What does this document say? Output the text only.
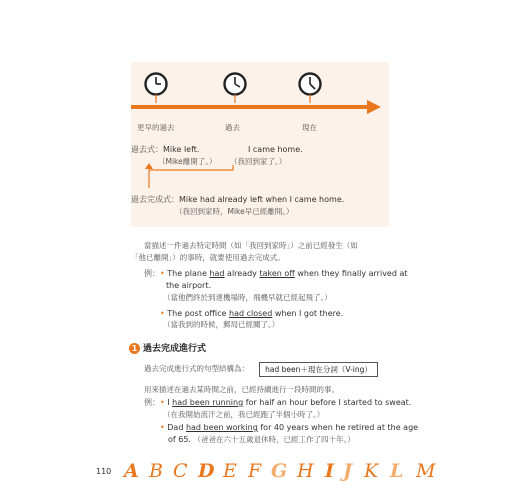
更早的過去	過去	現在
過去式：Mike left.	I came home.
（Mike離開了。） （我回到家了。）
過去完成式：Mike had already left when I came home.
（我回到家時，Mike早已經離開。）
當描述一件過去特定時間（如「我回到家時」）之前已經發生（如
「他已離開」）的事時，就要使用過去完成式。
例：• The plane had already taken off when they finally arrived at
the airport.
（當他們終於到達機場時，飛機早就已經起飛了。）
• The post office had closed when I got there.
（當我到的時候，郵局已經關了。）
1 過去完成進行式
過去完成進行式的句型結構為：	had been＋現在分詞（V-ing）
用來描述在過去某時間之前，已經持續進行一段時間的事。
例：• I had been running for half an hour before I started to sweat.
（在我開始流汗之前，我已經跑了半個小時了。）
• Dad had been working for 40 years when he retired at the age
of 65. （爸爸在六十五歲退休時，已經工作了四十年。）
110 A B C D E F G H I J K L M
